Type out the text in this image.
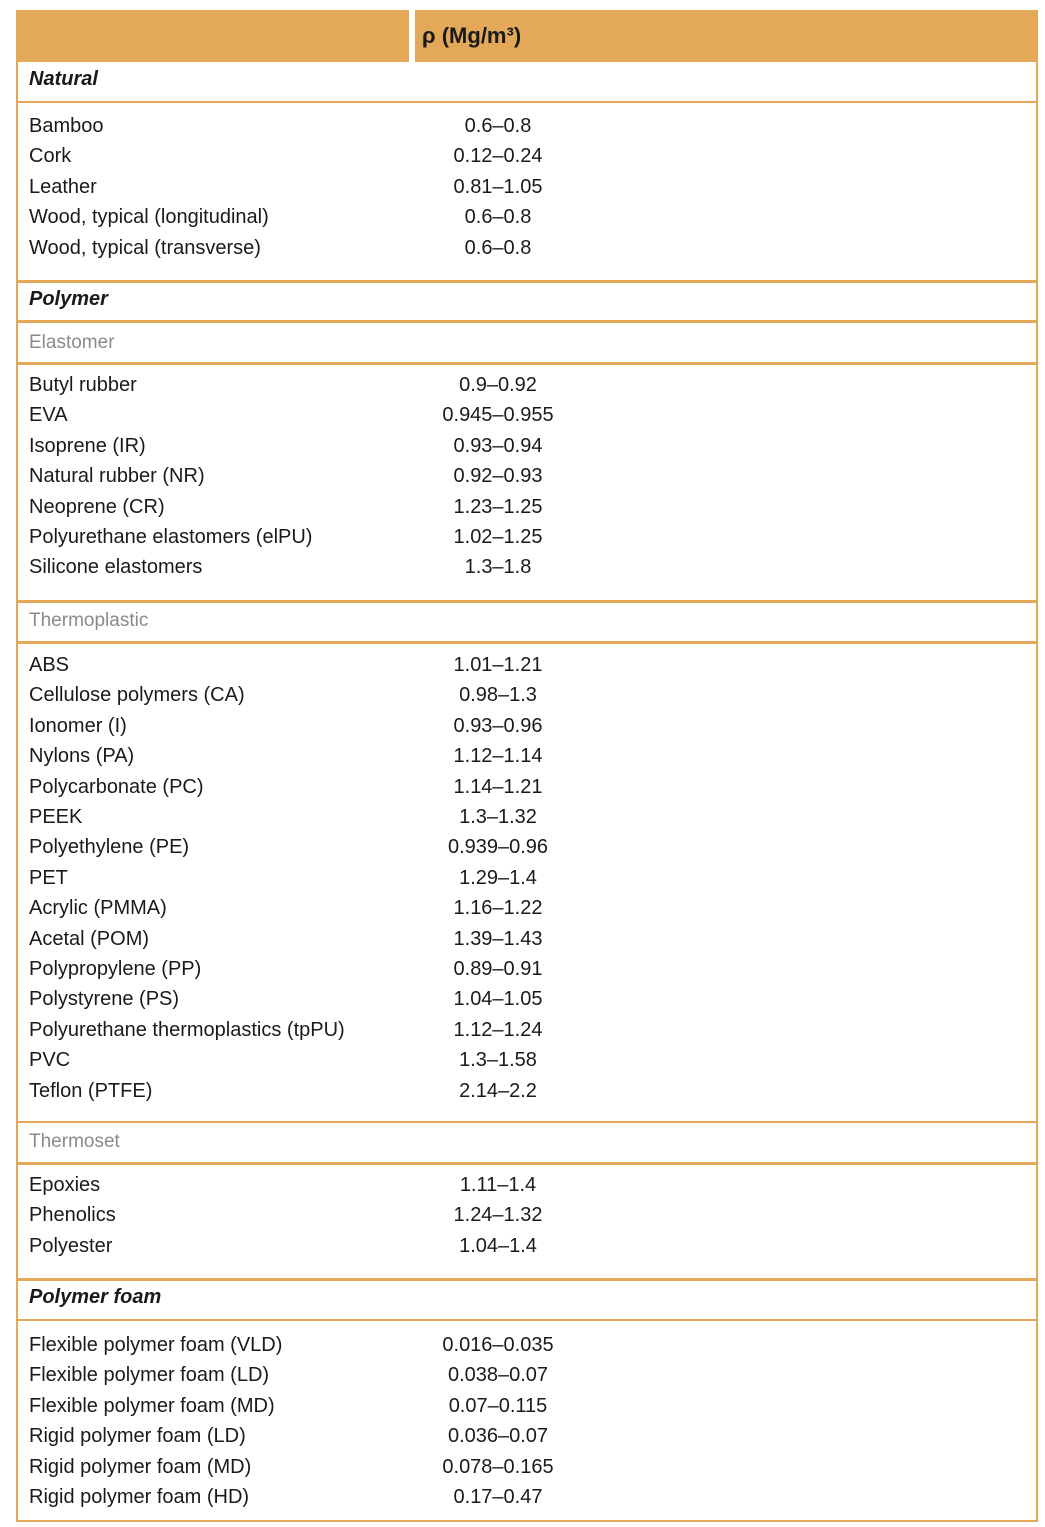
ρ (Mg/m³)
Natural
Bamboo	0.6–0.8
Cork	0.12–0.24
Leather	0.81–1.05
Wood, typical (longitudinal)	0.6–0.8
Wood, typical (transverse)	0.6–0.8
Polymer
Elastomer
Butyl rubber	0.9–0.92
EVA	0.945–0.955
Isoprene (IR)	0.93–0.94
Natural rubber (NR)	0.92–0.93
Neoprene (CR)	1.23–1.25
Polyurethane elastomers (elPU)	1.02–1.25
Silicone elastomers	1.3–1.8
Thermoplastic
ABS	1.01–1.21
Cellulose polymers (CA)	0.98–1.3
Ionomer (I)	0.93–0.96
Nylons (PA)	1.12–1.14
Polycarbonate (PC)	1.14–1.21
PEEK	1.3–1.32
Polyethylene (PE)	0.939–0.96
PET	1.29–1.4
Acrylic (PMMA)	1.16–1.22
Acetal (POM)	1.39–1.43
Polypropylene (PP)	0.89–0.91
Polystyrene (PS)	1.04–1.05
Polyurethane thermoplastics (tpPU)	1.12–1.24
PVC	1.3–1.58
Teflon (PTFE)	2.14–2.2
Thermoset
Epoxies	1.11–1.4
Phenolics	1.24–1.32
Polyester	1.04–1.4
Polymer foam
Flexible polymer foam (VLD)	0.016–0.035
Flexible polymer foam (LD)	0.038–0.07
Flexible polymer foam (MD)	0.07–0.115
Rigid polymer foam (LD)	0.036–0.07
Rigid polymer foam (MD)	0.078–0.165
Rigid polymer foam (HD)	0.17–0.47
